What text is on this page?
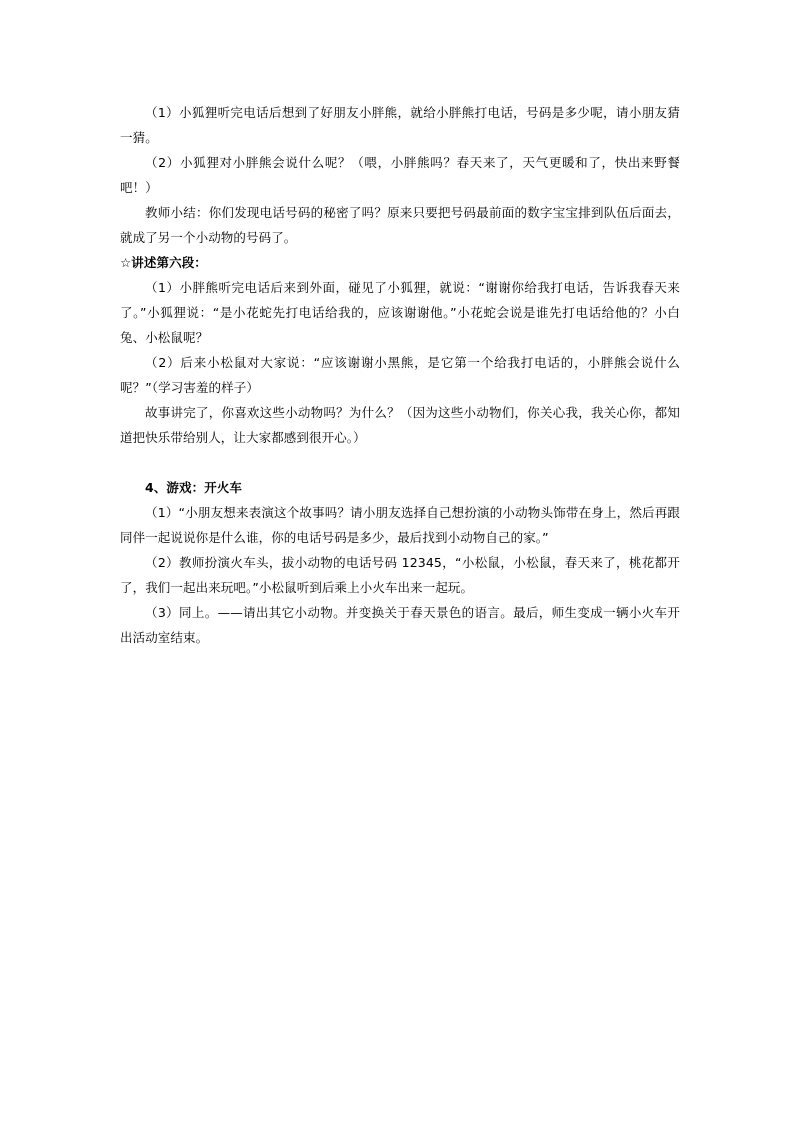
（1）小狐狸听完电话后想到了好朋友小胖熊，就给小胖熊打电话，号码是多少呢，请小朋友猜一猜。

（2）小狐狸对小胖熊会说什么呢？（喂，小胖熊吗？春天来了，天气更暖和了，快出来野餐吧！）

教师小结：你们发现电话号码的秘密了吗？原来只要把号码最前面的数字宝宝排到队伍后面去，就成了另一个小动物的号码了。

☆讲述第六段：

（1）小胖熊听完电话后来到外面，碰见了小狐狸，就说：“谢谢你给我打电话，告诉我春天来了。”小狐狸说：“是小花蛇先打电话给我的，应该谢谢他。”小花蛇会说是谁先打电话给他的？小白兔、小松鼠呢？

（2）后来小松鼠对大家说：“应该谢谢小黑熊，是它第一个给我打电话的，小胖熊会说什么呢？”（学习害羞的样子）

故事讲完了，你喜欢这些小动物吗？为什么？（因为这些小动物们，你关心我，我关心你，都知道把快乐带给别人，让大家都感到很开心。）

4、游戏：开火车

（1）“小朋友想来表演这个故事吗？请小朋友选择自己想扮演的小动物头饰带在身上，然后再跟同伴一起说说你是什么谁，你的电话号码是多少，最后找到小动物自己的家。”

（2）教师扮演火车头，拔小动物的电话号码 12345，“小松鼠，小松鼠，春天来了，桃花都开了，我们一起出来玩吧。”小松鼠听到后乘上小火车出来一起玩。

（3）同上。——请出其它小动物。并变换关于春天景色的语言。最后，师生变成一辆小火车开出活动室结束。
